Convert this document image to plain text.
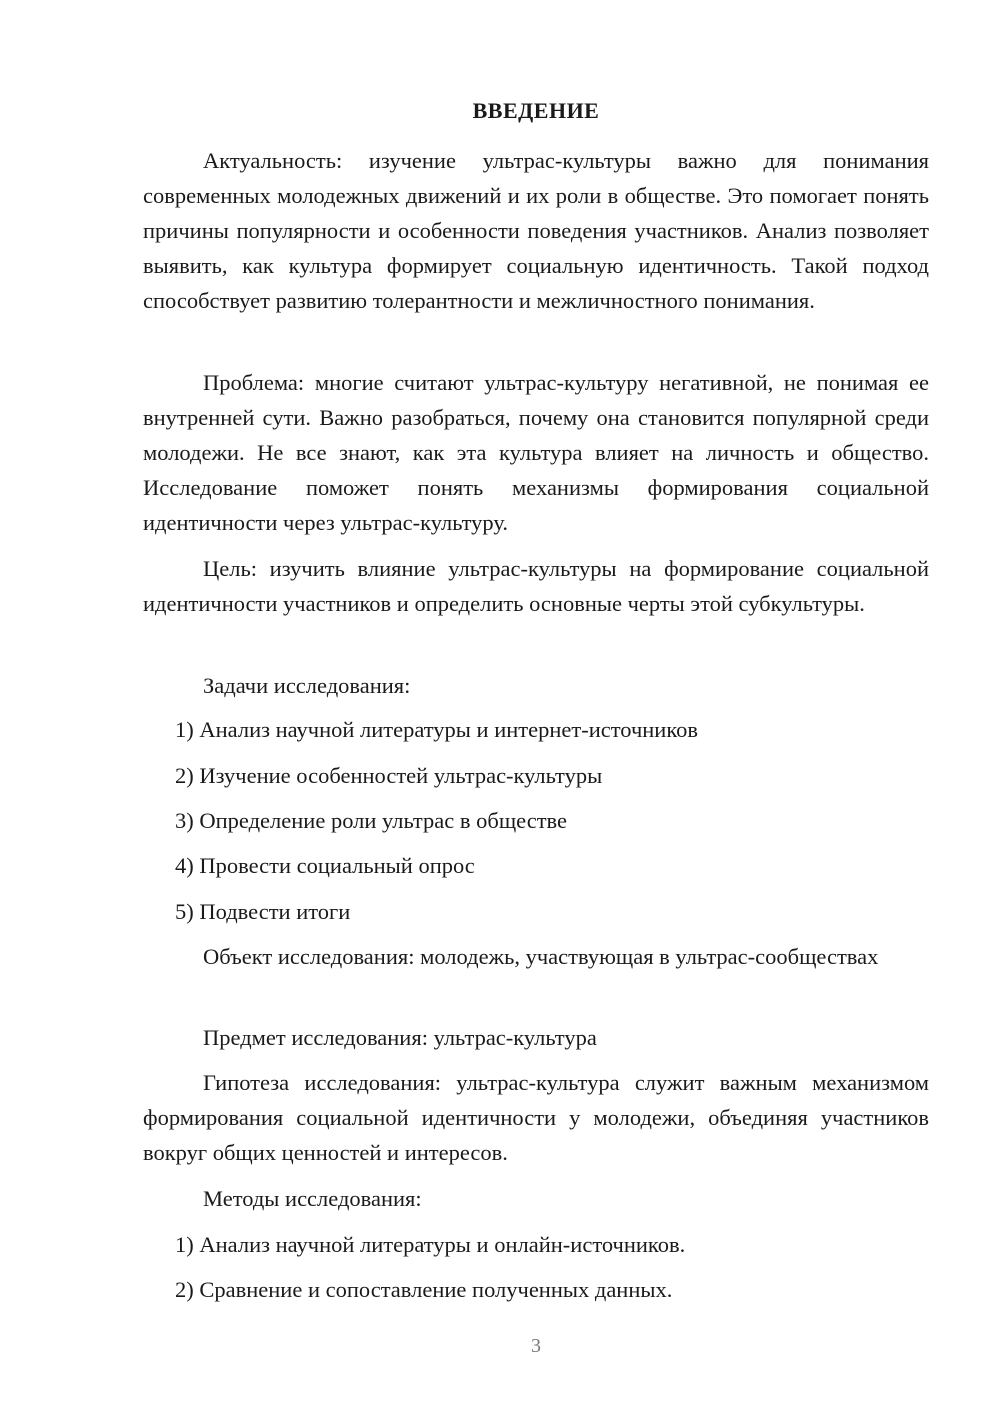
ВВЕДЕНИЕ

Актуальность: изучение ультрас-культуры важно для понимания современных молодежных движений и их роли в обществе. Это помогает понять причины популярности и особенности поведения участников. Анализ позволяет выявить, как культура формирует социальную идентичность. Такой подход способствует развитию толерантности и межличностного понимания.

Проблема: многие считают ультрас-культуру негативной, не понимая ее внутренней сути. Важно разобраться, почему она становится популярной среди молодежи. Не все знают, как эта культура влияет на личность и общество. Исследование поможет понять механизмы формирования социальной идентичности через ультрас-культуру.

Цель: изучить влияние ультрас-культуры на формирование социальной идентичности участников и определить основные черты этой субкультуры.

Задачи исследования:

1) Анализ научной литературы и интернет-источников

2) Изучение особенностей ультрас-культуры

3) Определение роли ультрас в обществе

4) Провести социальный опрос

5) Подвести итоги

Объект исследования: молодежь, участвующая в ультрас-сообществах

Предмет исследования: ультрас-культура

Гипотеза исследования: ультрас-культура служит важным механизмом формирования социальной идентичности у молодежи, объединяя участников вокруг общих ценностей и интересов.

Методы исследования:

1) Анализ научной литературы и онлайн-источников.

2) Сравнение и сопоставление полученных данных.

3
